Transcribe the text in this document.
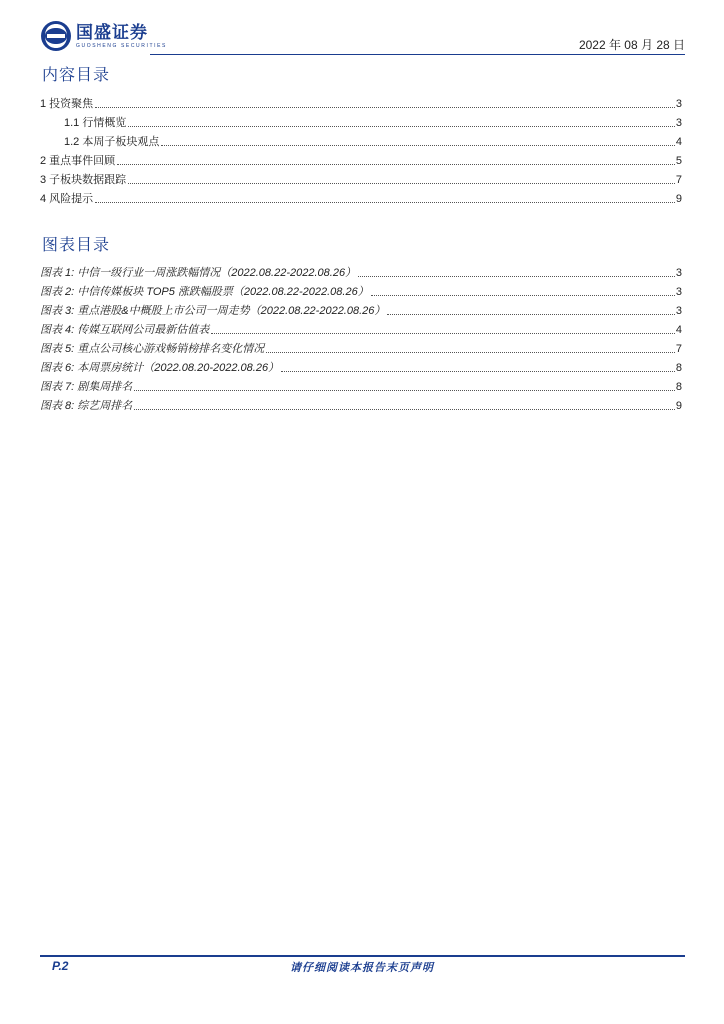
国盛证券
GUOSHENG SECURITIES	2022 年 08 月 28 日
内容目录
1 投资聚焦	3
1.1 行情概览	3
1.2 本周子板块观点	4
2 重点事件回顾	5
3 子板块数据跟踪	7
4 风险提示	9
图表目录
图表 1: 中信一级行业一周涨跌幅情况（2022.08.22-2022.08.26）	3
图表 2: 中信传媒板块 TOP5 涨跌幅股票（2022.08.22-2022.08.26）	3
图表 3: 重点港股&中概股上市公司一周走势（2022.08.22-2022.08.26）	3
图表 4: 传媒互联网公司最新估值表	4
图表 5: 重点公司核心游戏畅销榜排名变化情况	7
图表 6: 本周票房统计（2022.08.20-2022.08.26）	8
图表 7: 剧集周排名	8
图表 8: 综艺周排名	9
P.2	请仔细阅读本报告末页声明
